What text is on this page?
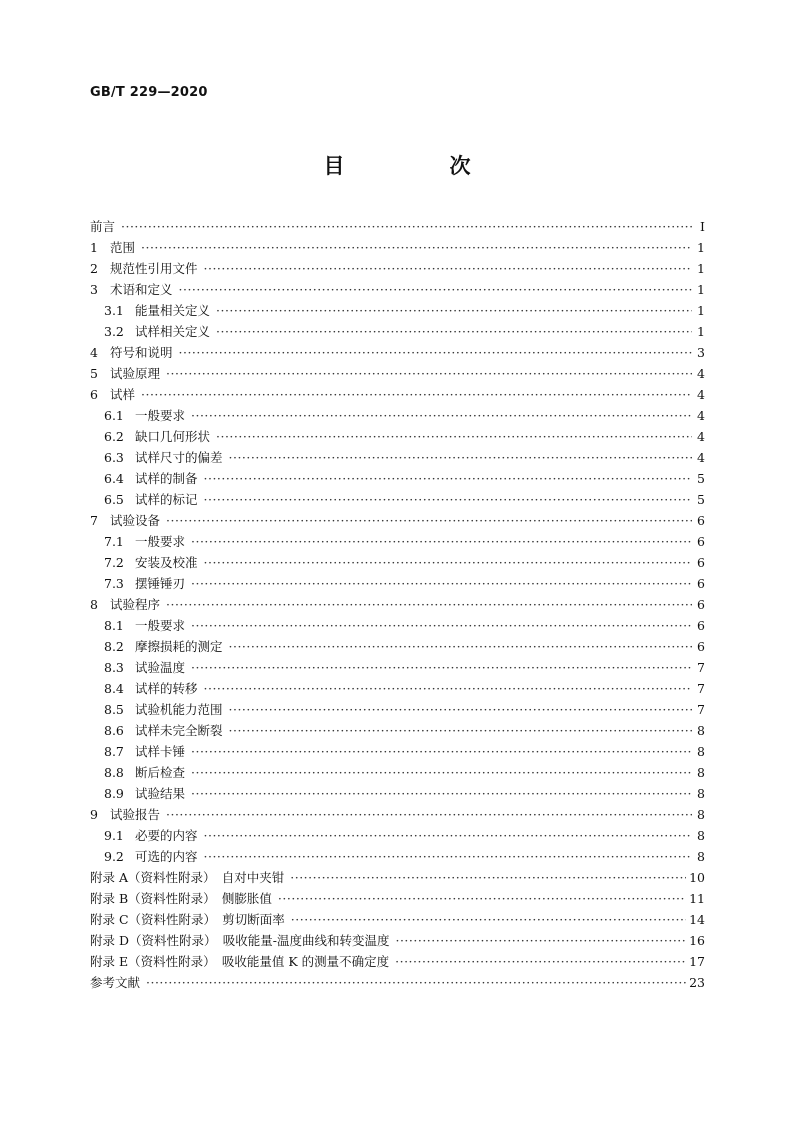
GB/T 229—2020
目　次
前言 ·····	Ⅰ
1 范围 ·····	1
2 规范性引用文件 ·····	1
3 术语和定义 ·····	1
3.1 能量相关定义 ·····	1
3.2 试样相关定义 ·····	1
4 符号和说明 ·····	3
5 试验原理 ·····	4
6 试样 ·····	4
6.1 一般要求 ·····	4
6.2 缺口几何形状 ·····	4
6.3 试样尺寸的偏差 ·····	4
6.4 试样的制备 ·····	5
6.5 试样的标记 ·····	5
7 试验设备 ·····	6
7.1 一般要求 ·····	6
7.2 安装及校准 ·····	6
7.3 摆锤锤刃 ·····	6
8 试验程序 ·····	6
8.1 一般要求 ·····	6
8.2 摩擦损耗的测定 ·····	6
8.3 试验温度 ·····	7
8.4 试样的转移 ·····	7
8.5 试验机能力范围 ·····	7
8.6 试样未完全断裂 ·····	8
8.7 试样卡锤 ·····	8
8.8 断后检查 ·····	8
8.9 试验结果 ·····	8
9 试验报告 ·····	8
9.1 必要的内容 ·····	8
9.2 可选的内容 ·····	8
附录 A（资料性附录）　自对中夹钳 ·····	10
附录 B（资料性附录）　侧膨胀值 ·····	11
附录 C（资料性附录）　剪切断面率 ·····	14
附录 D（资料性附录）　吸收能量-温度曲线和转变温度 ·····	16
附录 E（资料性附录）　吸收能量值 K 的测量不确定度 ·····	17
参考文献 ·····	23
